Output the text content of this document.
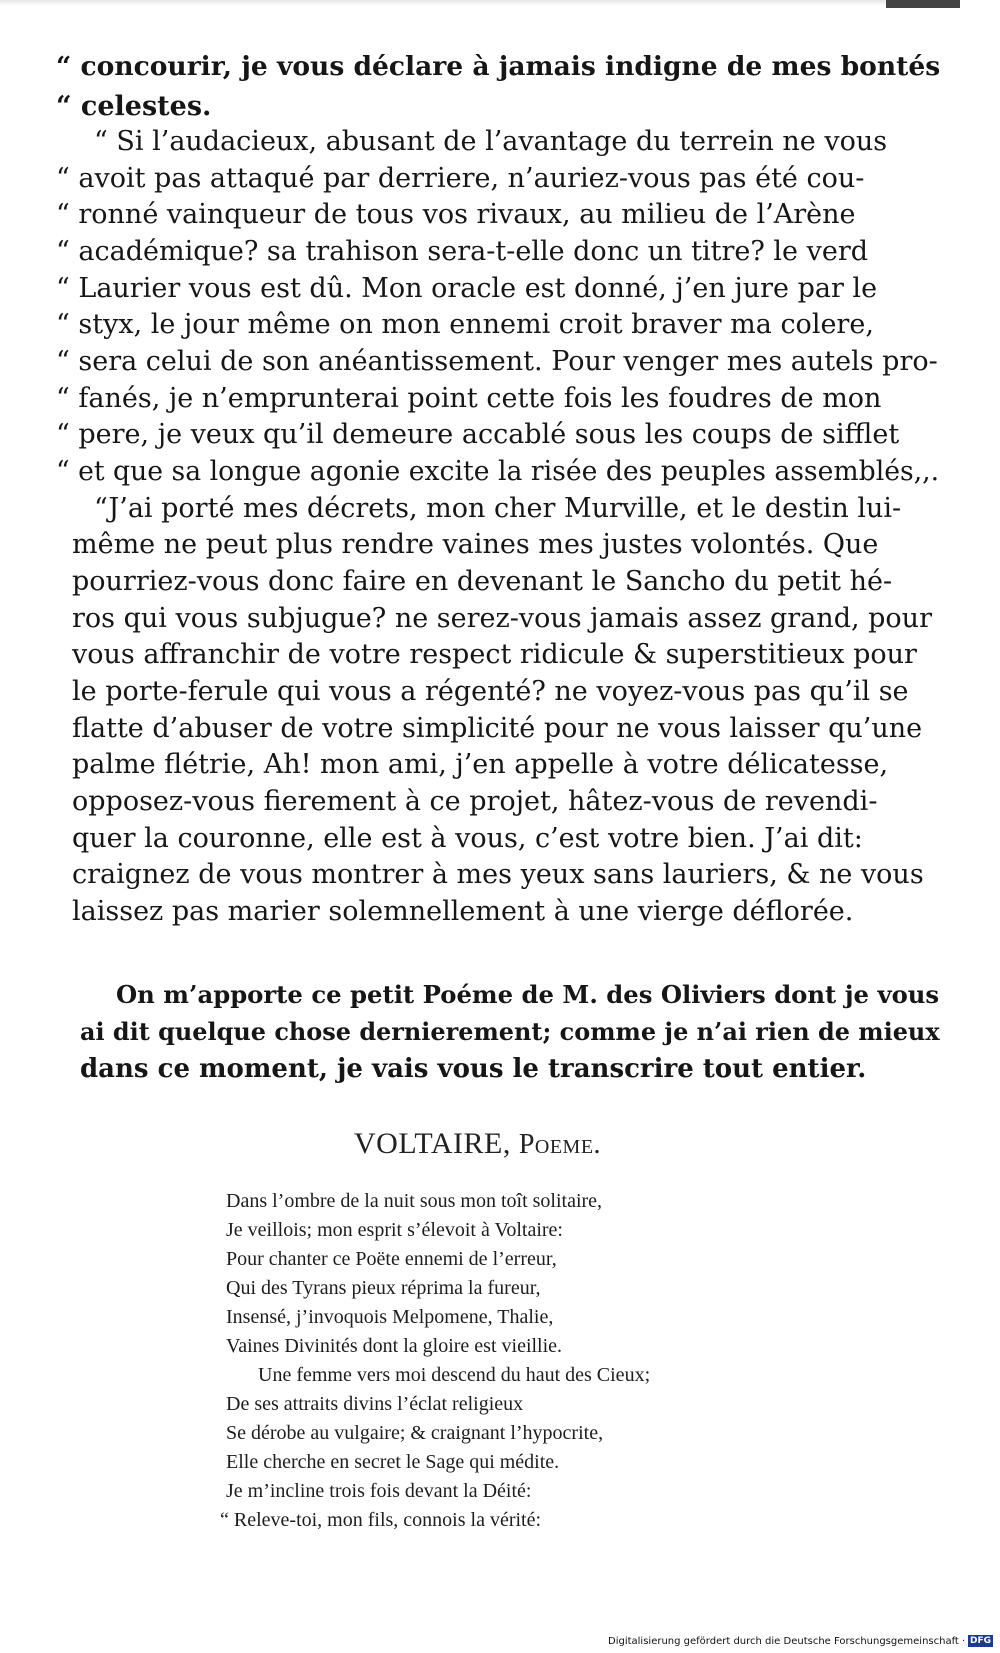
“ concourir, je vous déclare à jamais indigne de mes bontés
“ celestes.
“ Si l’audacieux, abusant de l’avantage du terrein ne vous
“ avoit pas attaqué par derriere, n’auriez-vous pas été cou-
“ ronné vainqueur de tous vos rivaux, au milieu de l’Arène
“ académique? sa trahison sera-t-elle donc un titre? le verd
“ Laurier vous est dû. Mon oracle est donné, j’en jure par le
“ styx, le jour même on mon ennemi croit braver ma colere,
“ sera celui de son anéantissement. Pour venger mes autels pro-
“ fanés, je n’emprunterai point cette fois les foudres de mon
“ pere, je veux qu’il demeure accablé sous les coups de sifflet
“ et que sa longue agonie excite la risée des peuples assemblés,,.
“J’ai porté mes décrets, mon cher Murville, et le destin lui-
même ne peut plus rendre vaines mes justes volontés. Que
pourriez-vous donc faire en devenant le Sancho du petit hé-
ros qui vous subjugue? ne serez-vous jamais assez grand, pour
vous affranchir de votre respect ridicule & superstitieux pour
le porte-ferule qui vous a régenté? ne voyez-vous pas qu’il se
flatte d’abuser de votre simplicité pour ne vous laisser qu’une
palme flétrie, Ah! mon ami, j’en appelle à votre délicatesse,
opposez-vous fierement à ce projet, hâtez-vous de revendi-
quer la couronne, elle est à vous, c’est votre bien. J’ai dit:
craignez de vous montrer à mes yeux sans lauriers, & ne vous
laissez pas marier solemnellement à une vierge déflorée.
On m’apporte ce petit Poéme de M. des Oliviers dont je vous
ai dit quelque chose dernierement; comme je n’ai rien de mieux
dans ce moment, je vais vous le transcrire tout entier.
VOLTAIRE, Poeme.
Dans l’ombre de la nuit sous mon toît solitaire,
Je veillois; mon esprit s’élevoit à Voltaire:
Pour chanter ce Poëte ennemi de l’erreur,
Qui des Tyrans pieux réprima la fureur,
Insensé, j’invoquois Melpomene, Thalie,
Vaines Divinités dont la gloire est vieillie.
Une femme vers moi descend du haut des Cieux;
De ses attraits divins l’éclat religieux
Se dérobe au vulgaire; & craignant l’hypocrite,
Elle cherche en secret le Sage qui médite.
Je m’incline trois fois devant la Déité:
“ Releve-toi, mon fils, connois la vérité:
Digitalisierung gefördert durch die Deutsche Forschungsgemeinschaft · DFG
